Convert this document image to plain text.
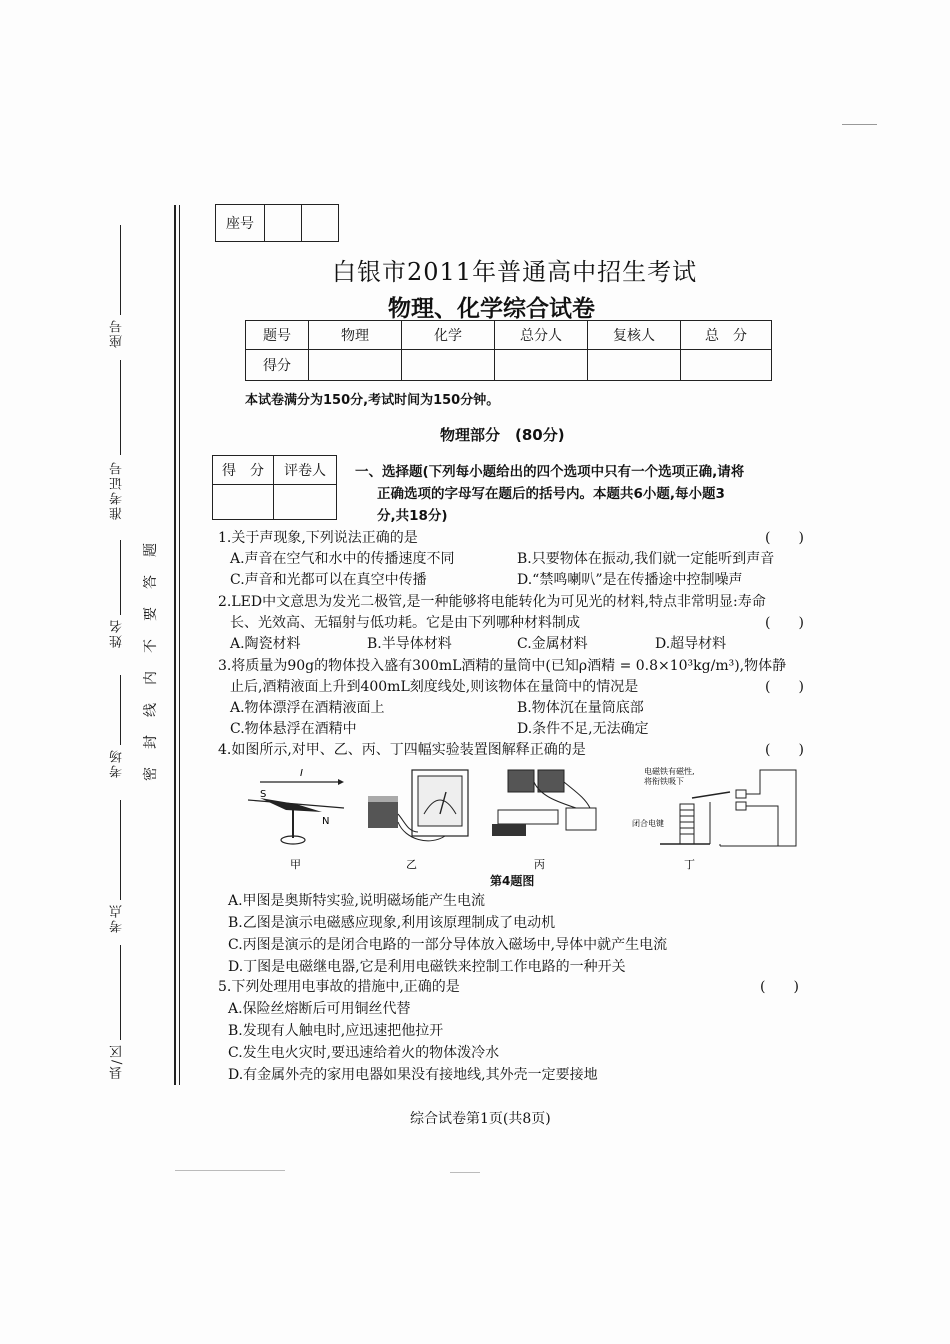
座号
准考证号
姓名
考场
考点
县/区
题
答
要
不
内
线
封
密
座号		
白银市2011年普通高中招生考试
物理、化学综合试卷
题号	物理	化学	总分人	复核人	总　分
得分					
本试卷满分为150分,考试时间为150分钟。
物理部分　(80分)
得　分	评卷人
	一、选择题(下列每小题给出的四个选项中只有一个选项正确,请将
正确选项的字母写在题后的括号内。本题共6小题,每小题3
分,共18分)
1.关于声现象,下列说法正确的是	(　　)
A.声音在空气和水中的传播速度不同	B.只要物体在振动,我们就一定能听到声音
C.声音和光都可以在真空中传播	D.“禁鸣喇叭”是在传播途中控制噪声
2.LED中文意思为发光二极管,是一种能够将电能转化为可见光的材料,特点非常明显:寿命
长、光效高、无辐射与低功耗。它是由下列哪种材料制成	(　　)
A.陶瓷材料	B.半导体材料	C.金属材料	D.超导材料
3.将质量为90g的物体投入盛有300mL酒精的量筒中(已知ρ酒精 = 0.8×10³kg/m³),物体静
止后,酒精液面上升到400mL刻度线处,则该物体在量筒中的情况是	(　　)
A.物体漂浮在酒精液面上	B.物体沉在量筒底部
C.物体悬浮在酒精中	D.条件不足,无法确定
4.如图所示,对甲、乙、丙、丁四幅实验装置图解释正确的是	(　　)
I
S
N
电磁铁有磁性,
将衔铁吸下
闭合电键
甲	乙	丙	丁
第4题图
A.甲图是奥斯特实验,说明磁场能产生电流
B.乙图是演示电磁感应现象,利用该原理制成了电动机
C.丙图是演示的是闭合电路的一部分导体放入磁场中,导体中就产生电流
D.丁图是电磁继电器,它是利用电磁铁来控制工作电路的一种开关
5.下列处理用电事故的措施中,正确的是	(　　)
A.保险丝熔断后可用铜丝代替
B.发现有人触电时,应迅速把他拉开
C.发生电火灾时,要迅速给着火的物体泼冷水
D.有金属外壳的家用电器如果没有接地线,其外壳一定要接地
综合试卷第1页(共8页)
